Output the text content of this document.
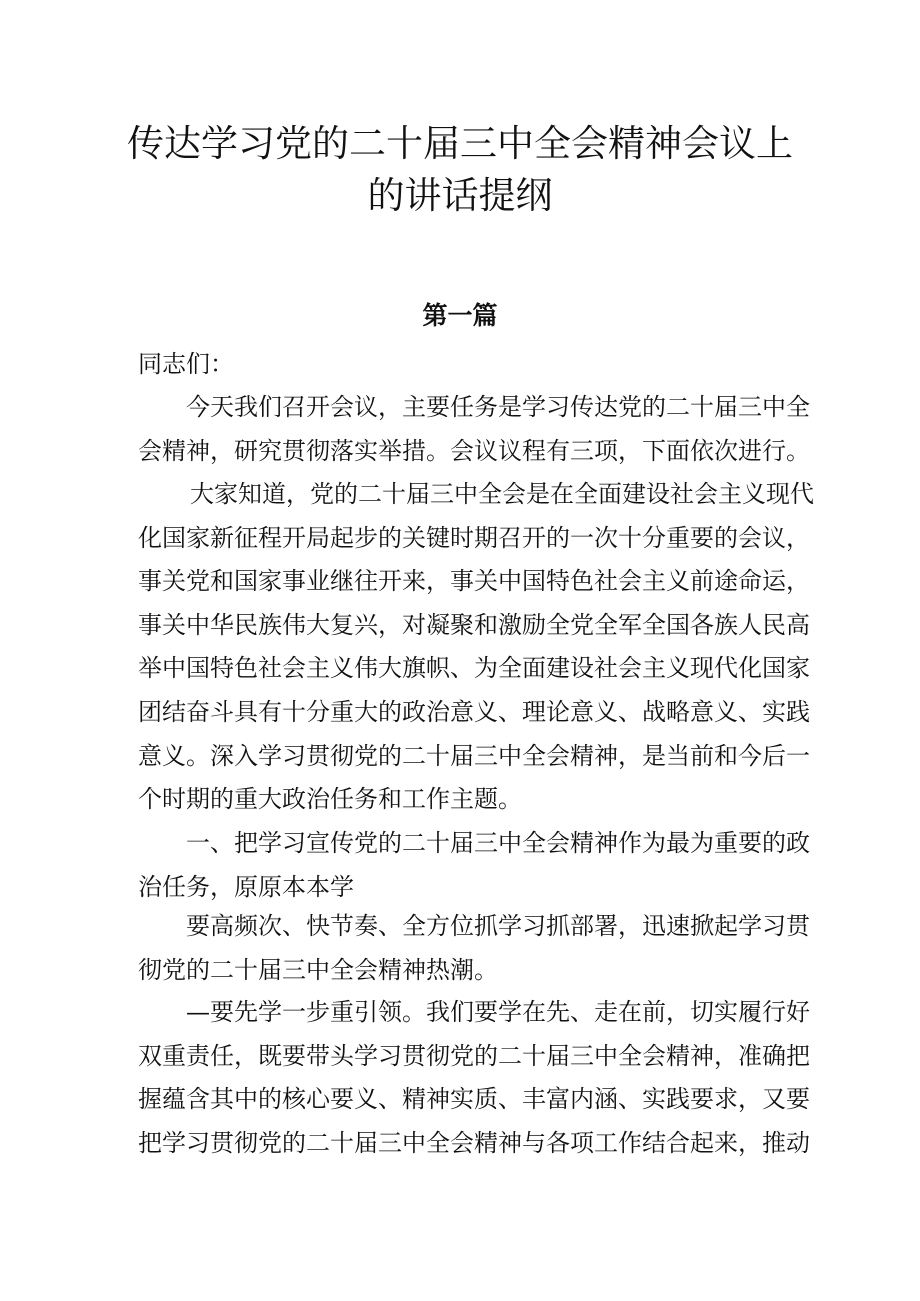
传达学习党的二十届三中全会精神会议上
的讲话提纲
第一篇
同志们：
今天我们召开会议，主要任务是学习传达党的二十届三中全
会精神，研究贯彻落实举措。会议议程有三项，下面依次进行。
大家知道，党的二十届三中全会是在全面建设社会主义现代
化国家新征程开局起步的关键时期召开的一次十分重要的会议，
事关党和国家事业继往开来，事关中国特色社会主义前途命运，
事关中华民族伟大复兴，对凝聚和激励全党全军全国各族人民高
举中国特色社会主义伟大旗帜、为全面建设社会主义现代化国家
团结奋斗具有十分重大的政治意义、理论意义、战略意义、实践
意义。深入学习贯彻党的二十届三中全会精神，是当前和今后一
个时期的重大政治任务和工作主题。
一、把学习宣传党的二十届三中全会精神作为最为重要的政
治任务，原原本本学
要高频次、快节奏、全方位抓学习抓部署，迅速掀起学习贯
彻党的二十届三中全会精神热潮。
—要先学一步重引领。我们要学在先、走在前，切实履行好
双重责任，既要带头学习贯彻党的二十届三中全会精神，准确把
握蕴含其中的核心要义、精神实质、丰富内涵、实践要求，又要
把学习贯彻党的二十届三中全会精神与各项工作结合起来，推动
